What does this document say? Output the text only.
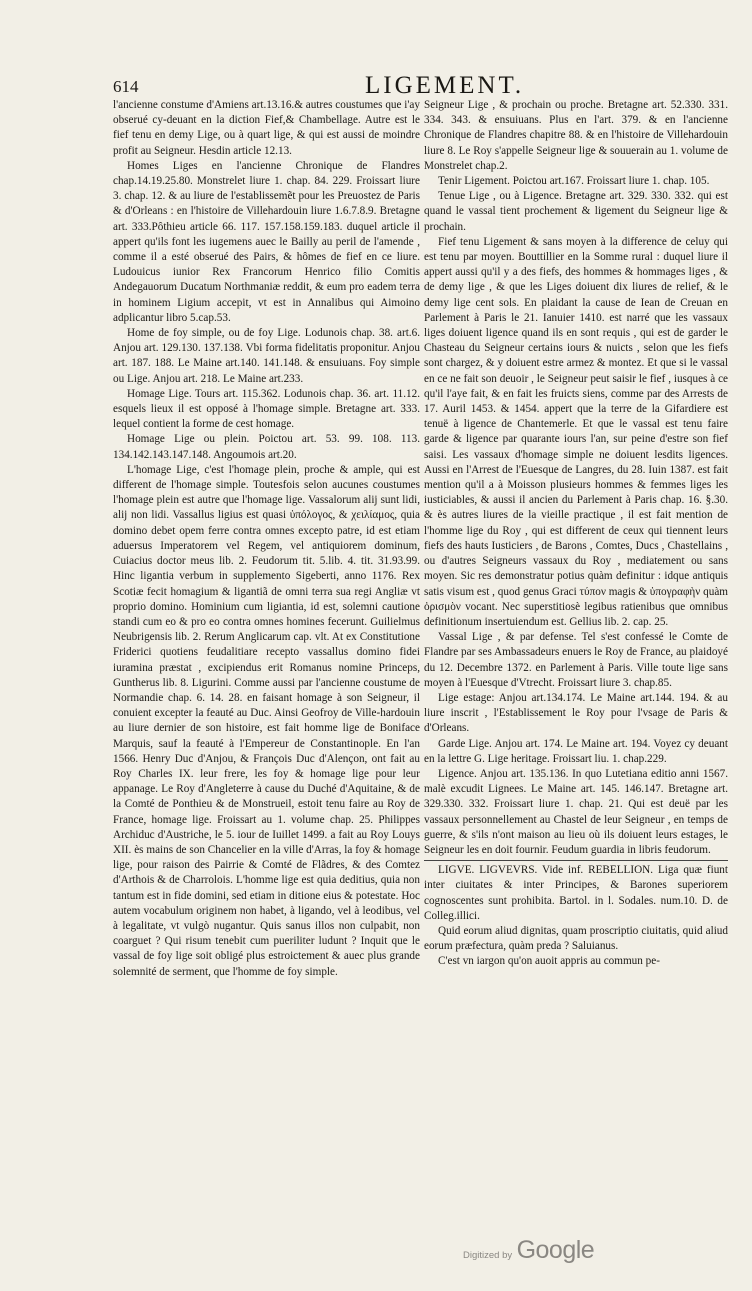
614	LIGEMENT.

l'ancienne constume d'Amiens art.13.16.& autres coustumes que i'ay obserué cy-deuant en la diction Fief,& Chambellage. Autre est le fief tenu en demy Lige, ou à quart lige, & qui est aussi de moindre profit au Seigneur. Hesdin article 12.13.

Homes Liges en l'ancienne Chronique de Flandres chap.14.19.25.80. Monstrelet liure 1. chap. 84. 229. Froissart liure 3. chap. 12. & au liure de l'establissemẽt pour les Preuostez de Paris & d'Orleans : en l'histoire de Villehardouin liure 1.6.7.8.9. Bretagne art. 333.Pôthieu article 66. 117. 157.158.159.183. duquel article il appert qu'ils font les iugemens auec le Bailly au peril de l'amende , comme il a esté obserué des Pairs, & hômes de fief en ce liure. Ludouicus iunior Rex Francorum Henrico filio Comitis Andegauorum Ducatum Northmaniæ reddit, & eum pro eadem terra in hominem Ligium accepit, vt est in Annalibus qui Aimoino adplicantur libro 5.cap.53.

Home de foy simple, ou de foy Lige. Lodunois chap. 38. art.6. Anjou art. 129.130. 137.138. Vbi forma fidelitatis proponitur. Anjou art. 187. 188. Le Maine art.140. 141.148. & ensuiuans. Foy simple ou Lige. Anjou art. 218. Le Maine art.233.

Homage Lige. Tours art. 115.362. Lodunois chap. 36. art. 11.12. esquels lieux il est opposé à l'homage simple. Bretagne art. 333. lequel contient la forme de cest homage.

Homage Lige ou plein. Poictou art. 53. 99. 108. 113. 134.142.143.147.148. Angoumois art.20.

L'homage Lige, c'est l'homage plein, proche & ample, qui est different de l'homage simple. Toutesfois selon aucunes coustumes l'homage plein est autre que l'homage lige. Vassalorum alij sunt lidi, alij non lidi. Vassallus ligius est quasi ὑπόλογος, & χειλίαμος, quia domino debet opem ferre contra omnes excepto patre, id est etiam aduersus Imperatorem vel Regem, vel antiquiorem dominum, Cuiacius doctor meus lib. 2. Feudorum tit. 5.lib. 4. tit. 31.93.99. Hinc ligantia verbum in supplemento Sigeberti, anno 1176. Rex Scotiæ fecit homagium & ligantiã de omni terra sua regi Angliæ vt proprio domino. Hominium cum ligiantia, id est, solemni cautione standi cum eo & pro eo contra omnes homines fecerunt. Guilielmus Neubrigensis lib. 2. Rerum Anglicarum cap. vlt. At ex Constitutione Friderici quotiens feudalitiare recepto vassallus domino fidei iuramina præstat , excipiendus erit Romanus nomine Princeps, Guntherus lib. 8. Ligurini. Comme aussi par l'ancienne coustume de Normandie chap. 6. 14. 28. en faisant homage à son Seigneur, il conuient excepter la feauté au Duc. Ainsi Geofroy de Ville-hardouin au liure dernier de son histoire, est fait homme lige de Boniface Marquis, sauf la feauté à l'Empereur de Constantinople. En l'an 1566. Henry Duc d'Anjou, & François Duc d'Alençon, ont fait au Roy Charles IX. leur frere, les foy & homage lige pour leur appanage. Le Roy d'Angleterre à cause du Duché d'Aquitaine, & de la Comté de Ponthieu & de Monstrueil, estoit tenu faire au Roy de France, homage lige. Froissart au 1. volume chap. 25. Philippes Archiduc d'Austriche, le 5. iour de Iuillet 1499. a fait au Roy Louys XII. ès mains de son Chancelier en la ville d'Arras, la foy & homage lige, pour raison des Pairrie & Comté de Flãdres, & des Comtez d'Arthois & de Charrolois. L'homme lige est quia deditius, quia non tantum est in fide domini, sed etiam in ditione eius & potestate. Hoc autem vocabulum originem non habet, à ligando, vel à leodibus, vel à legalitate, vt vulgò nugantur. Quis sanus illos non culpabit, non coarguet ? Qui risum tenebit cum pueriliter ludunt ? Inquit que le vassal de foy lige soit obligé plus estroictement & auec plus grande solemnité de serment, que l'homme de foy simple.

Seigneur Lige , & prochain ou proche. Bretagne art. 52.330. 331. 334. 343. & ensuiuans. Plus en l'art. 379. & en l'ancienne Chronique de Flandres chapitre 88. & en l'histoire de Villehardouin liure 8. Le Roy s'appelle Seigneur lige & souuerain au 1. volume de Monstrelet chap.2.

Tenir Ligement. Poictou art.167. Froissart liure 1. chap. 105.

Tenue Lige , ou à Ligence. Bretagne art. 329. 330. 332. qui est quand le vassal tient prochement & ligement du Seigneur lige & prochain.

Fief tenu Ligement & sans moyen à la difference de celuy qui est tenu par moyen. Bouttillier en la Somme rural : duquel liure il appert aussi qu'il y a des fiefs, des hommes & hommages liges , & de demy lige , & que les Liges doiuent dix liures de relief, & le demy lige cent sols. En plaidant la cause de Iean de Creuan en Parlement à Paris le 21. Ianuier 1410. est narré que les vassaux liges doiuent ligence quand ils en sont requis , qui est de garder le Chasteau du Seigneur certains iours & nuicts , selon que les fiefs sont chargez, & y doiuent estre armez & montez. Et que si le vassal en ce ne fait son deuoir , le Seigneur peut saisir le fief , iusques à ce qu'il l'aye fait, & en fait les fruicts siens, comme par des Arrests de 17. Auril 1453. & 1454. appert que la terre de la Gifardiere est tenuë à ligence de Chantemerle. Et que le vassal est tenu faire garde & ligence par quarante iours l'an, sur peine d'estre son fief saisi. Les vassaux d'homage simple ne doiuent lesdits ligences. Aussi en l'Arrest de l'Euesque de Langres, du 28. Iuin 1387. est fait mention qu'il a à Moisson plusieurs hommes & femmes liges les iusticiables, & aussi il ancien du Parlement à Paris chap. 16. §.30. & ès autres liures de la vieille practique , il est fait mention de l'homme lige du Roy , qui est different de ceux qui tiennent leurs fiefs des hauts Iusticiers , de Barons , Comtes, Ducs , Chastellains , ou d'autres Seigneurs vassaux du Roy , mediatement ou sans moyen. Sic res demonstratur potius quàm definitur : idque antiquis satis visum est , quod genus Graci τύπον magis & ὑπογραφὴν quàm ὁρισμὸν vocant. Nec superstitiosè legibus ratienibus que omnibus definitionum insertuiendum est. Gellius lib. 2. cap. 25.

Vassal Lige , & par defense. Tel s'est confessé le Comte de Flandre par ses Ambassadeurs enuers le Roy de France, au plaidoyé du 12. Decembre 1372. en Parlement à Paris. Ville toute lige sans moyen à l'Euesque d'Vtrecht. Froissart liure 3. chap.85.

Lige estage: Anjou art.134.174. Le Maine art.144. 194. & au liure inscrit , l'Establissement le Roy pour l'vsage de Paris & d'Orleans.

Garde Lige. Anjou art. 174. Le Maine art. 194. Voyez cy deuant en la lettre G. Lige heritage. Froissart liu. 1. chap.229.

Ligence. Anjou art. 135.136. In quo Lutetiana editio anni 1567. malè excudit Lignees. Le Maine art. 145. 146.147. Bretagne art. 329.330. 332. Froissart liure 1. chap. 21. Qui est deuë par les vassaux personnellement au Chastel de leur Seigneur , en temps de guerre, & s'ils n'ont maison au lieu où ils doiuent leurs estages, le Seigneur les en doit fournir. Feudum guardia in libris feudorum.

LIGVE. LIGVEVRS. Vide inf. REBELLION. Liga quæ fiunt inter ciuitates & inter Principes, & Barones superiorem cognoscentes sunt prohibita. Bartol. in l. Sodales. num.10. D. de Colleg.illici.

Quid eorum aliud dignitas, quam proscriptio ciuitatis, quid aliud eorum præfectura, quàm preda ? Saluianus.

C'est vn iargon qu'on auoit appris au commun pe-

Digitized by Google
